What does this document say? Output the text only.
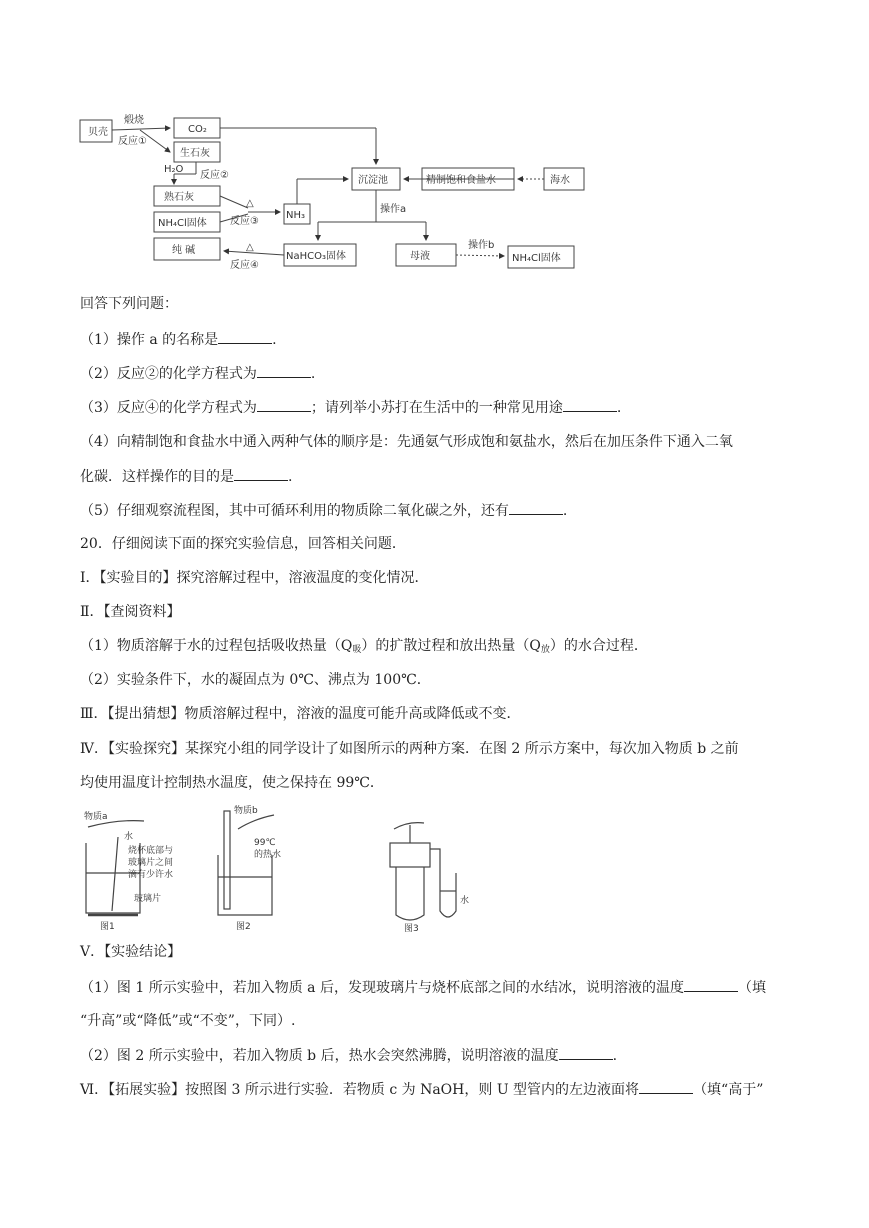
贝壳
煅烧
反应①
CO₂
生石灰
H₂O
反应②
熟石灰
NH₄Cl固体
△
反应③
NH₃
纯 碱	△
反应④
NaHCO₃固体
沉淀池	精制饱和食盐水	海水
操作a
母液
操作b
NH₄Cl固体
回答下列问题：
（1）操作 a 的名称是	.
（2）反应②的化学方程式为	.
（3）反应④的化学方程式为	；请列举小苏打在生活中的一种常见用途	.
（4）向精制饱和食盐水中通入两种气体的顺序是：先通氨气形成饱和氨盐水，然后在加压条件下通入二氧
化碳．这样操作的目的是	.
（5）仔细观察流程图，其中可循环利用的物质除二氧化碳之外，还有	.
20．仔细阅读下面的探究实验信息，回答相关问题．
Ⅰ．【实验目的】探究溶解过程中，溶液温度的变化情况．
Ⅱ．【查阅资料】
（1）物质溶解于水的过程包括吸收热量$(Q_吸)$的扩散过程和放出热量$(Q_放)$的水合过程．
（2）实验条件下，水的凝固点为 0℃、沸点为 100℃．
Ⅲ．【提出猜想】物质溶解过程中，溶液的温度可能升高或降低或不变．
Ⅳ．【实验探究】某探究小组的同学设计了如图所示的两种方案．在图 2 所示方案中，每次加入物质 b 之前
均使用温度计控制热水温度，使之保持在 99℃．
物质a
水
烧杯底部与
玻璃片之间
滴有少许水
玻璃片
图1
物质b
99℃
的热水
图2
水
图3
Ⅴ．【实验结论】
（1）图 1 所示实验中，若加入物质 a 后，发现玻璃片与烧杯底部之间的水结冰，说明溶液的温度	（填
“升高”或“降低”或“不变”，下同）.
（2）图 2 所示实验中，若加入物质 b 后，热水会突然沸腾，说明溶液的温度	.
Ⅵ．【拓展实验】按照图 3 所示进行实验．若物质 c 为 NaOH，则 U 型管内的左边液面将	（填“高于”
